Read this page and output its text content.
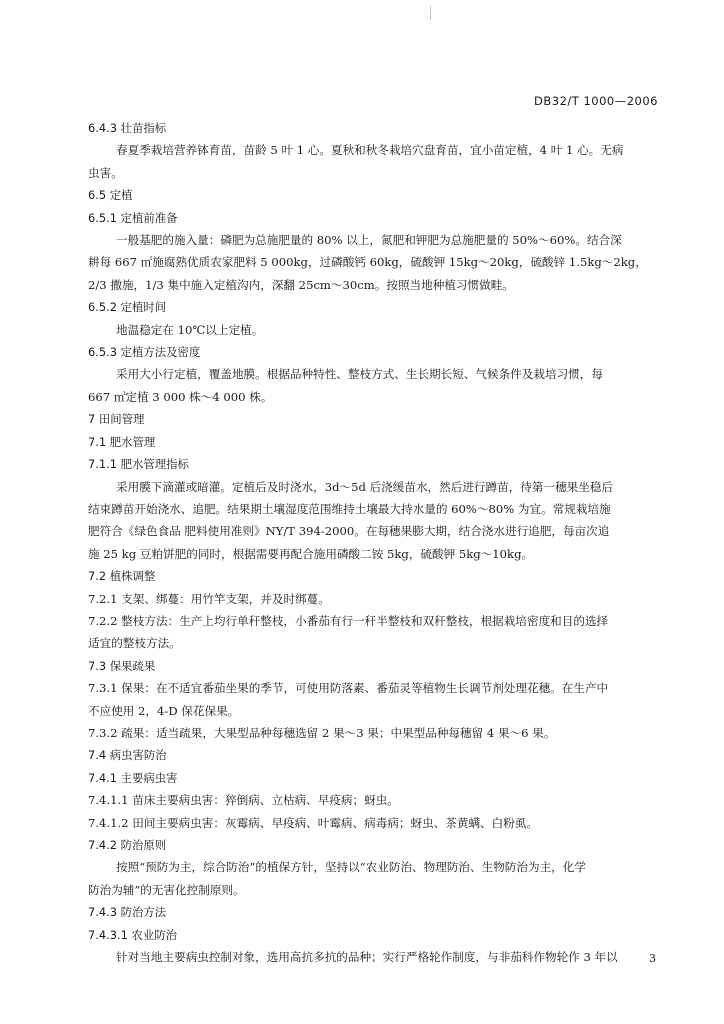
DB32/T 1000—2006
6.4.3 壮苗指标
春夏季栽培营养钵育苗，苗龄 5 叶 1 心。夏秋和秋冬栽培穴盘育苗，宜小苗定植，4 叶 1 心。无病
虫害。
6.5 定植
6.5.1 定植前准备
一般基肥的施入量：磷肥为总施肥量的 80% 以上，氮肥和钾肥为总施肥量的 50%～60%。结合深
耕每 667 ㎡施腐熟优质农家肥料 5 000kg，过磷酸钙 60kg，硫酸钾 15kg～20kg，硫酸锌 1.5kg～2kg，
2/3 撒施，1/3 集中施入定植沟内，深翻 25cm～30cm。按照当地种植习惯做畦。
6.5.2 定植时间
地温稳定在 10℃以上定植。
6.5.3 定植方法及密度
采用大小行定植，覆盖地膜。根据品种特性、整枝方式、生长期长短、气候条件及栽培习惯，每
667 ㎡定植 3 000 株～4 000 株。
7 田间管理
7.1 肥水管理
7.1.1 肥水管理指标
采用膜下滴灌或暗灌。定植后及时浇水，3d～5d 后浇缓苗水，然后进行蹲苗，待第一穗果坐稳后
结束蹲苗开始浇水、追肥。结果期土壤湿度范围维持土壤最大持水量的 60%～80% 为宜。常规栽培施
肥符合《绿色食品 肥料使用准则》NY/T 394-2000。在每穗果膨大期，结合浇水进行追肥，每亩次追
施 25 kg 豆粕饼肥的同时，根据需要再配合施用磷酸二铵 5kg，硫酸钾 5kg～10kg。
7.2 植株调整
7.2.1 支架、绑蔓：用竹竿支架，并及时绑蔓。
7.2.2 整枝方法：生产上均行单秆整枝，小番茄有行一秆半整枝和双秆整枝，根据栽培密度和目的选择
适宜的整枝方法。
7.3 保果疏果
7.3.1 保果：在不适宜番茄坐果的季节，可使用防落素、番茄灵等植物生长调节剂处理花穗。在生产中
不应使用 2，4-D 保花保果。
7.3.2 疏果：适当疏果，大果型品种每穗选留 2 果～3 果；中果型品种每穗留 4 果～6 果。
7.4 病虫害防治
7.4.1 主要病虫害
7.4.1.1 苗床主要病虫害：猝倒病、立枯病、早疫病；蚜虫。
7.4.1.2 田间主要病虫害：灰霉病、早疫病、叶霉病、病毒病；蚜虫、茶黄螨、白粉虱。
7.4.2 防治原则
按照“预防为主，综合防治”的植保方针，坚持以“农业防治、物理防治、生物防治为主，化学
防治为辅”的无害化控制原则。
7.4.3 防治方法
7.4.3.1 农业防治
针对当地主要病虫控制对象，选用高抗多抗的品种；实行严格轮作制度，与非茄科作物轮作 3 年以	3
